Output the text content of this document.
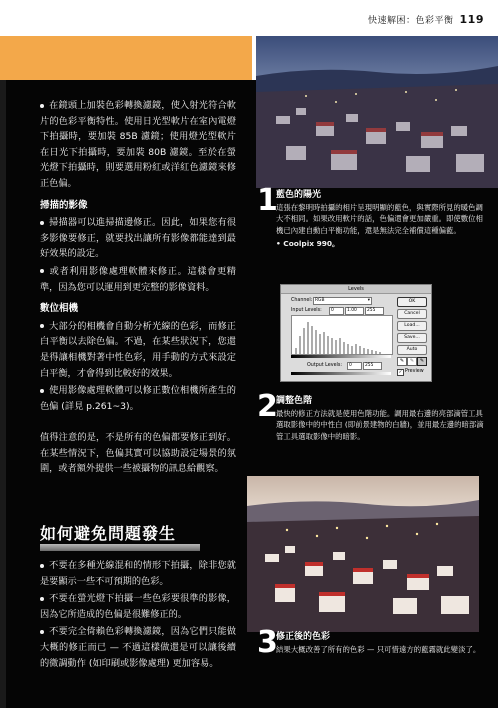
快速解困：色彩平衡 119

在鏡頭上加裝色彩轉換濾鏡，使入射光符合軟片的色彩平衡特性。使用日光型軟片在室內電燈下拍攝時，要加裝 85B 濾鏡；使用燈光型軟片在日光下拍攝時，要加裝 80B 濾鏡。至於在螢光燈下拍攝時，則要選用粉紅或洋紅色濾鏡來修正色偏。

掃描的影像

掃描器可以進掃描邊修正。因此，如果您有很多影像要修正，就要找出讓所有影像都能達到最好效果的設定。

或者利用影像處理軟體來修正。這樣會更精準，因為您可以運用到更完整的影像資料。

數位相機

大部分的相機會自動分析光線的色彩，而修正白平衡以去除色偏。不過，在某些狀況下，您還是得讓相機對著中性色彩，用手動的方式來設定白平衡，才會得到比較好的效果。

使用影像處理軟體可以修正數位相機所產生的色偏 (詳見 p.261~3)。

值得注意的是，不是所有的色偏都要修正到好。在某些情況下，色偏其實可以協助設定場景的氛圍，或者額外提供一些被攝物的訊息給觀察。

如何避免問題發生

不要在多種光線混和的情形下拍攝，除非您就是要顯示一些不可預期的色彩。

不要在螢光燈下拍攝一些色彩要很準的影像，因為它所造成的色偏是很難修正的。

不要完全倚賴色彩轉換濾鏡，因為它們只能做大概的修正而已 — 不過這樣做還是可以讓後續的微調動作 (如印刷或影像處理) 更加容易。

1
藍色的陽光

這張在黎明時拍攝的相片呈現明顯的藍色，與實際所見的暖色調大不相同。如果改用軟片的話，色偏還會更加嚴重。即使數位相機已內建自動白平衡功能，還是無法完全補償這種偏藍。

• Coolpix 990。

Levels
Channel: RGB	▾
Input Levels:	0	1.00	255
Output Levels:	0	255
OK
Cancel
Load...
Save...
Auto
✎	✎	✎
✓ Preview
2
調整色階

最快的修正方法就是使用色階功能。調用最右邊的亮部滴管工具選取影像中的中性白 (即前景建物的白牆)，並用最左邊的暗部滴管工具選取影像中的暗影。

3
修正後的色彩

結果大概改善了所有的色彩 — 只可惜遠方的藍霧就此變淡了。
